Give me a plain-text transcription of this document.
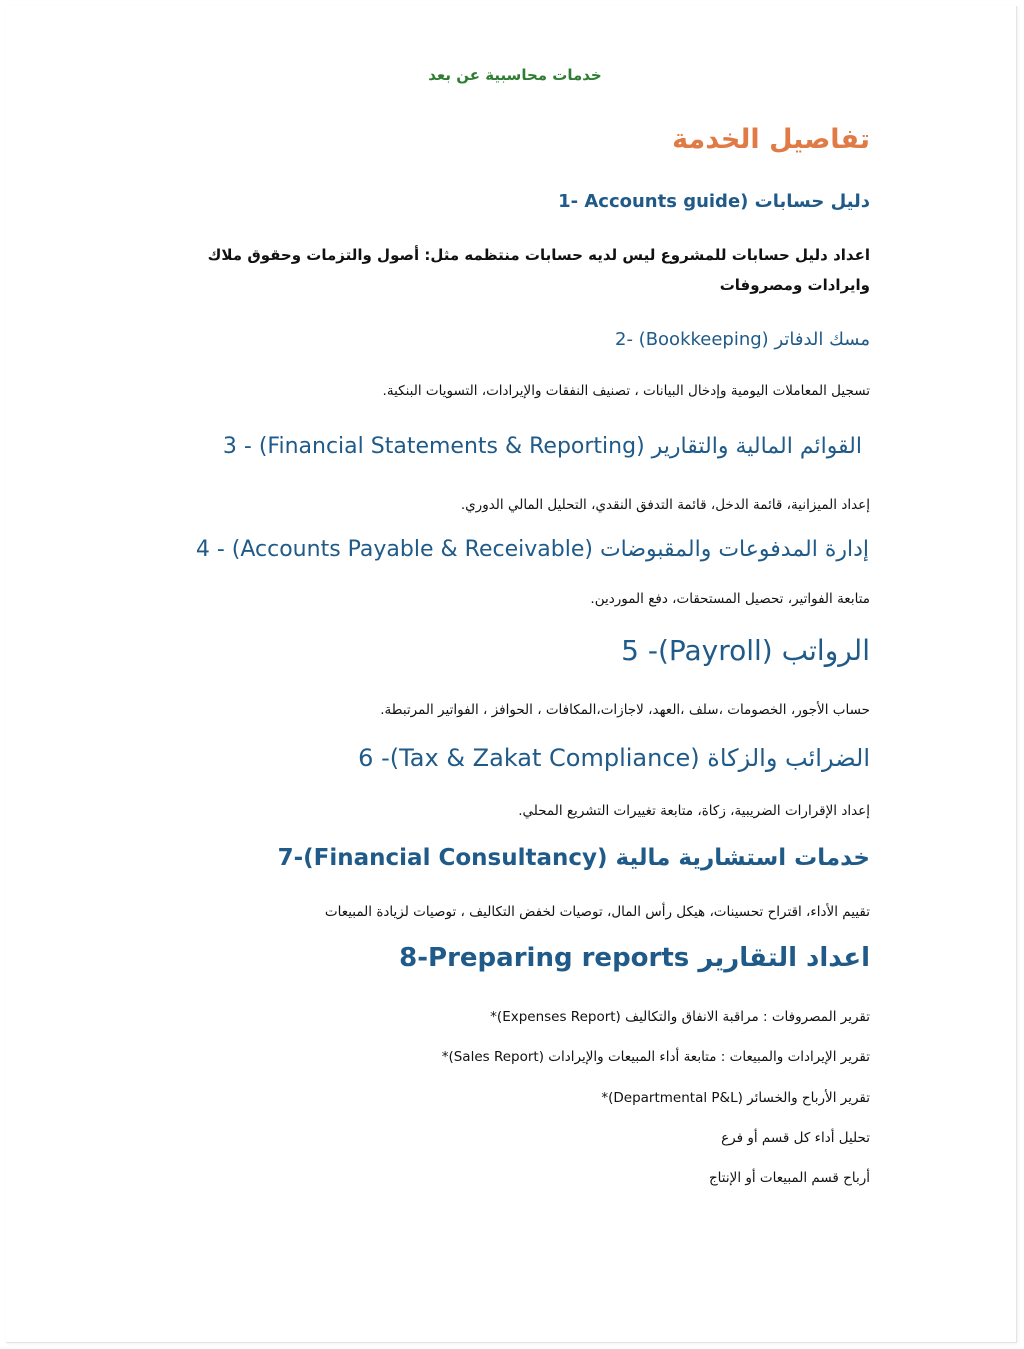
خدمات محاسبية عن بعد
تفاصيل الخدمة
1- Accounts guide) دليل حسابات
اعداد دليل حسابات للمشروع ليس لديه حسابات منتظمه مثل: أصول والتزمات وحقوق ملاك وايرادات ومصروفات
2- (Bookkeeping) مسك الدفاتر
تسجيل المعاملات اليومية وإدخال البيانات ، تصنيف النفقات والإيرادات، التسويات البنكية.
3 - (Financial Statements & Reporting) القوائم المالية والتقارير
إعداد الميزانية، قائمة الدخل، قائمة التدفق النقدي، التحليل المالي الدوري.
4 - (Accounts Payable & Receivable) إدارة المدفوعات والمقبوضات
متابعة الفواتير، تحصيل المستحقات، دفع الموردين.
5 -(Payroll) الرواتب
حساب الأجور، الخصومات ،سلف ،العهد، لاجازات،المكافات ، الحوافز ، الفواتير المرتبطة.
6 -(Tax & Zakat Compliance) الضرائب والزكاة
إعداد الإقرارات الضريبية، زكاة، متابعة تغييرات التشريع المحلي.
7-(Financial Consultancy) خدمات استشارية مالية
تقييم الأداء، اقتراح تحسينات، هيكل رأس المال، توصيات لخفض التكاليف ، توصيات لزيادة المبيعات
8-Preparing reports اعداد التقارير
*(Expenses Report) تقرير المصروفات : مراقبة الانفاق والتكاليف
*(Sales Report) تقرير الإيرادات والمبيعات : متابعة أداء المبيعات والإيرادات
*(Departmental P&L) تقرير الأرباح والخسائر
تحليل أداء كل قسم أو فرع
أرباح قسم المبيعات أو الإنتاج
